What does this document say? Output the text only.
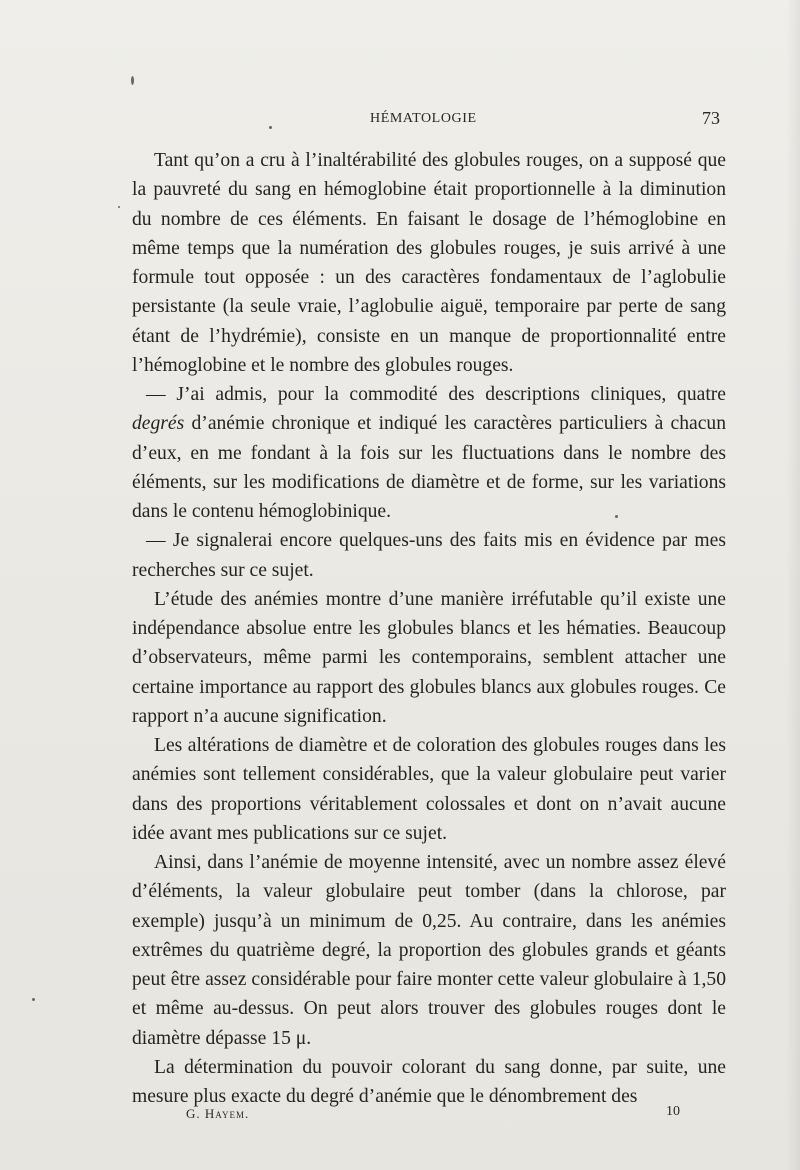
HÉMATOLOGIE	73

Tant qu’on a cru à l’inaltérabilité des globules rouges, on a supposé que la pauvreté du sang en hémoglobine était proportionnelle à la diminution du nombre de ces éléments. En faisant le dosage de l’hémoglobine en même temps que la numération des globules rouges, je suis arrivé à une formule tout opposée : un des caractères fondamentaux de l’aglobulie persistante (la seule vraie, l’aglobulie aiguë, temporaire par perte de sang étant de l’hydrémie), consiste en un manque de proportionnalité entre l’hémoglobine et le nombre des globules rouges.

— J’ai admis, pour la commodité des descriptions cliniques, quatre degrés d’anémie chronique et indiqué les caractères particuliers à chacun d’eux, en me fondant à la fois sur les fluctuations dans le nombre des éléments, sur les modifications de diamètre et de forme, sur les variations dans le contenu hémoglobinique.

— Je signalerai encore quelques-uns des faits mis en évidence par mes recherches sur ce sujet.

L’étude des anémies montre d’une manière irréfutable qu’il existe une indépendance absolue entre les globules blancs et les hématies. Beaucoup d’observateurs, même parmi les contemporains, semblent attacher une certaine importance au rapport des globules blancs aux globules rouges. Ce rapport n’a aucune signification.

Les altérations de diamètre et de coloration des globules rouges dans les anémies sont tellement considérables, que la valeur globulaire peut varier dans des proportions véritablement colossales et dont on n’avait aucune idée avant mes publications sur ce sujet.

Ainsi, dans l’anémie de moyenne intensité, avec un nombre assez élevé d’éléments, la valeur globulaire peut tomber (dans la chlorose, par exemple) jusqu’à un minimum de 0,25. Au contraire, dans les anémies extrêmes du quatrième degré, la proportion des globules grands et géants peut être assez considérable pour faire monter cette valeur globulaire à 1,50 et même au-dessus. On peut alors trouver des globules rouges dont le diamètre dépasse 15 μ.

La détermination du pouvoir colorant du sang donne, par suite, une mesure plus exacte du degré d’anémie que le dénombrement des

G. Hayem.	10
